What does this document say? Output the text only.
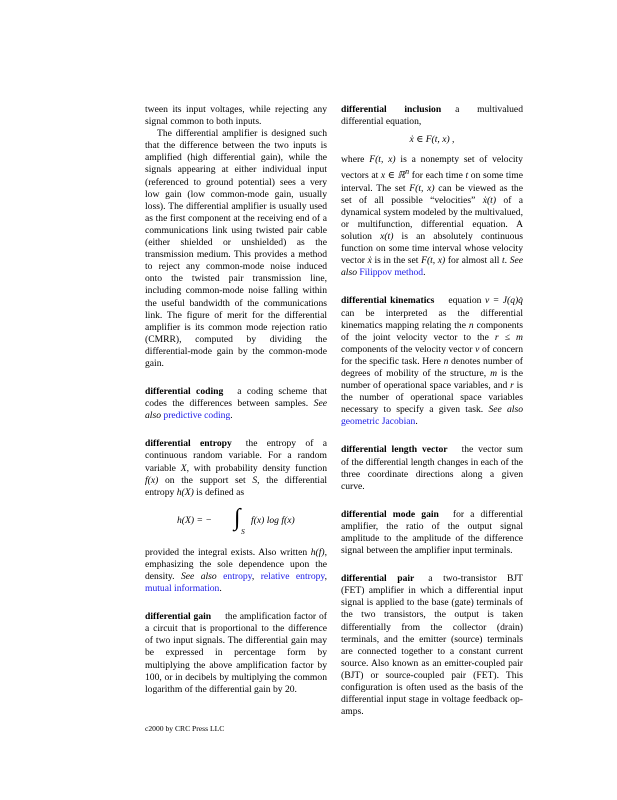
tween its input voltages, while rejecting any signal common to both inputs.

The differential amplifier is designed such that the difference between the two inputs is amplified (high differential gain), while the signals appearing at either individual input (referenced to ground potential) sees a very low gain (low common-mode gain, usually loss). The differential amplifier is usually used as the first component at the receiving end of a communications link using twisted pair cable (either shielded or unshielded) as the transmission medium. This provides a method to reject any common-mode noise induced onto the twisted pair transmission line, including common-mode noise falling within the useful bandwidth of the communications link. The figure of merit for the differential amplifier is its common mode rejection ratio (CMRR), computed by dividing the differential-mode gain by the common-mode gain.

differential coding a coding scheme that codes the differences between samples. See also predictive coding.

differential entropy the entropy of a continuous random variable. For a random variable X, with probability density function f(x) on the support set S, the differential entropy h(X) is defined as

h(X) = − ∫
S
f(x) log f(x)

provided the integral exists. Also written h(f), emphasizing the sole dependence upon the density. See also entropy, relative entropy, mutual information.

differential gain the amplification factor of a circuit that is proportional to the difference of two input signals. The differential gain may be expressed in percentage form by multiplying the above amplification factor by 100, or in decibels by multiplying the common logarithm of the differential gain by 20.

differential inclusion a multivalued differential equation,

ẋ ∈ F(t, x) ,

where F(t, x) is a nonempty set of velocity vectors at x ∈ ℝ$^n$ for each time t on some time interval. The set F(t, x) can be viewed as the set of all possible “velocities” ẋ(t) of a dynamical system modeled by the multivalued, or multifunction, differential equation. A solution x(t) is an absolutely continuous function on some time interval whose velocity vector ẋ is in the set F(t, x) for almost all t. See also Filippov method.

differential kinematics equation v = J(q)q̇ can be interpreted as the differential kinematics mapping relating the n components of the joint velocity vector to the r ≤ m components of the velocity vector v of concern for the specific task. Here n denotes number of degrees of mobility of the structure, m is the number of operational space variables, and r is the number of operational space variables necessary to specify a given task. See also geometric Jacobian.

differential length vector the vector sum of the differential length changes in each of the three coordinate directions along a given curve.

differential mode gain for a differential amplifier, the ratio of the output signal amplitude to the amplitude of the difference signal between the amplifier input terminals.

differential pair a two-transistor BJT (FET) amplifier in which a differential input signal is applied to the base (gate) terminals of the two transistors, the output is taken differentially from the collector (drain) terminals, and the emitter (source) terminals are connected together to a constant current source. Also known as an emitter-coupled pair (BJT) or source-coupled pair (FET). This configuration is often used as the basis of the differential input stage in voltage feedback op-amps.

c2000 by CRC Press LLC
